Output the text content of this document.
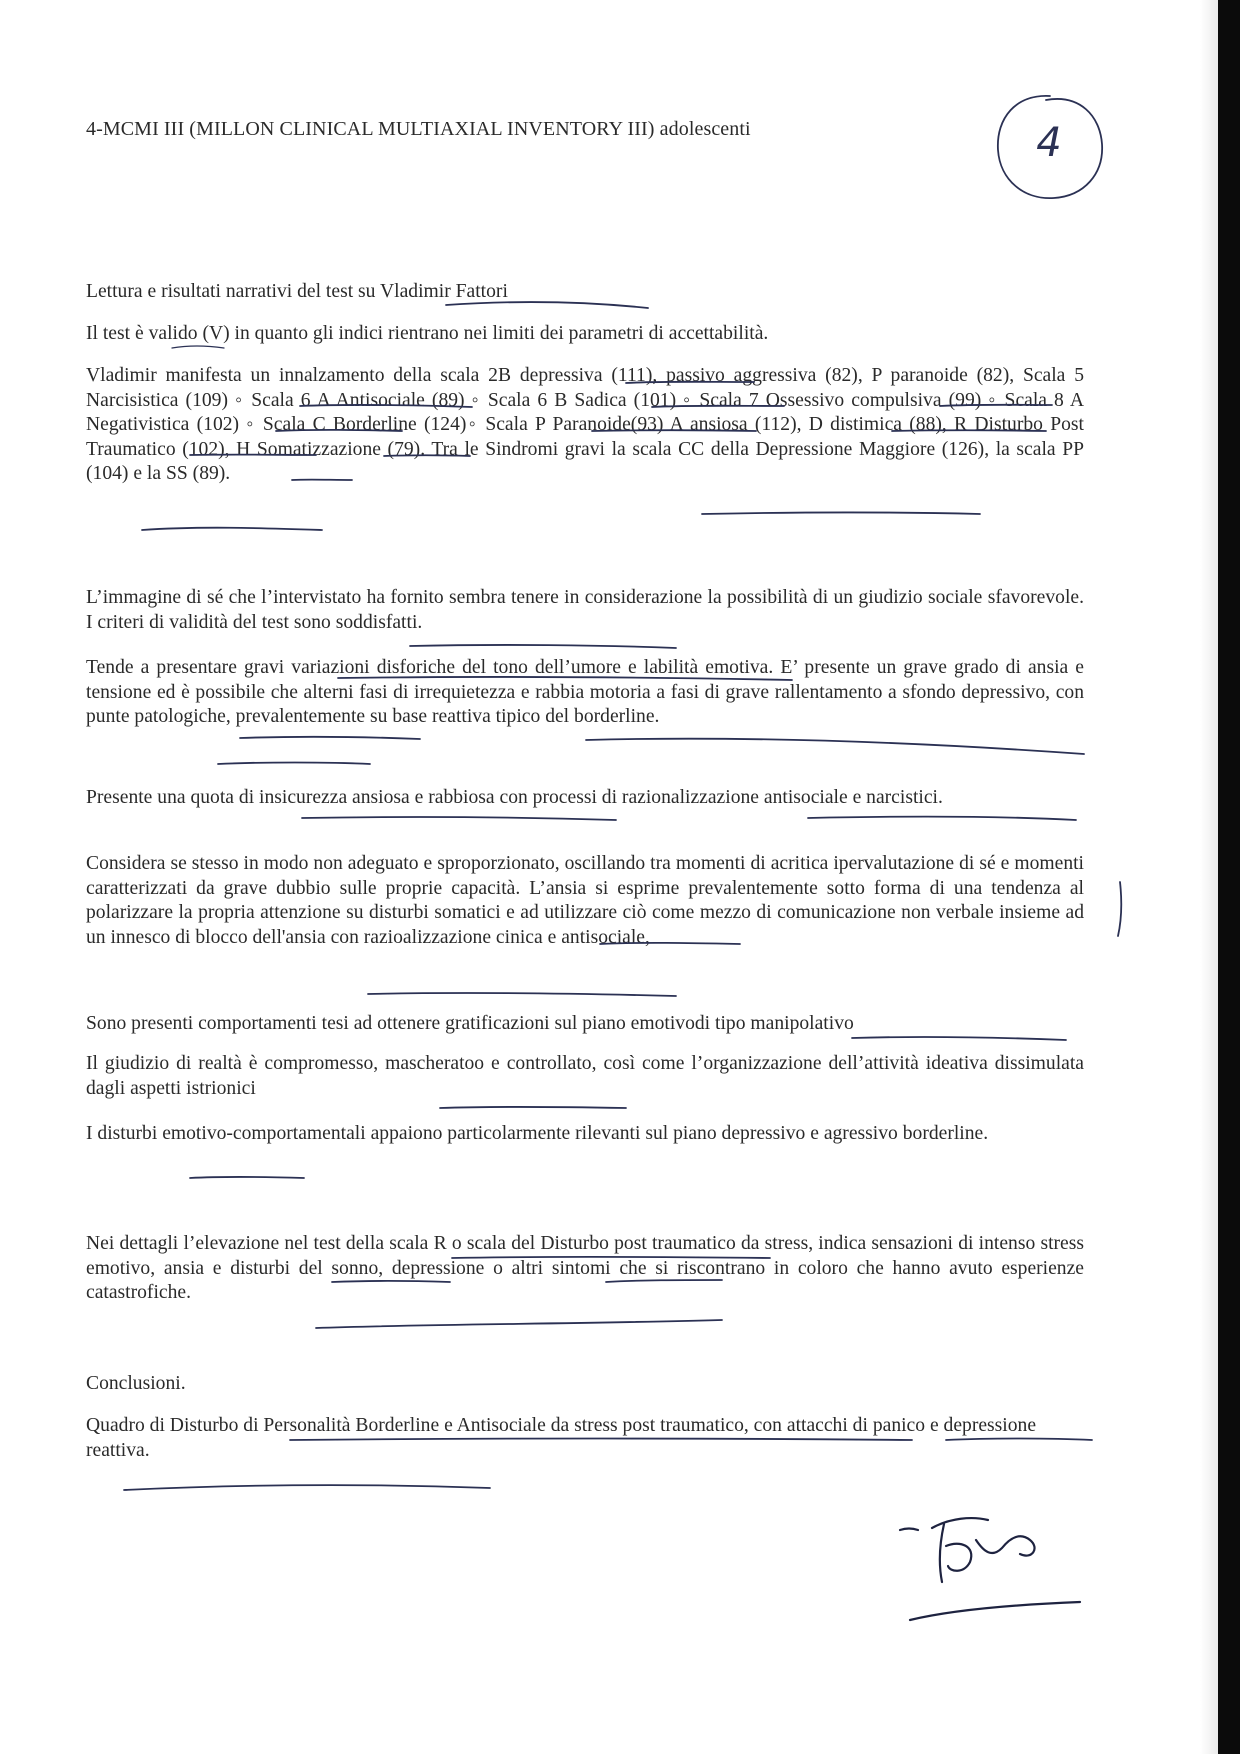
4-MCMI III (MILLON CLINICAL MULTIAXIAL INVENTORY III) adolescenti	4

Lettura e risultati narrativi del test su Vladimir Fattori

Il test è valido (V) in quanto gli indici rientrano nei limiti dei parametri di accettabilità.

Vladimir manifesta un innalzamento della scala 2B depressiva (111), passivo aggressiva (82), P paranoide (82), Scala 5 Narcisistica (109) ◦ Scala 6 A Antisociale (89) ◦ Scala 6 B Sadica (101) ◦ Scala 7 Ossessivo compulsiva (99) ◦ Scala 8 A Negativistica (102) ◦ Scala C Borderline (124)◦ Scala P Paranoide(93) A ansiosa (112), D distimica (88), R Disturbo Post Traumatico (102), H Somatizzazione (79). Tra le Sindromi gravi la scala CC della Depressione Maggiore (126), la scala PP (104) e la SS (89).

L’immagine di sé che l’intervistato ha fornito sembra tenere in considerazione la possibilità di un giudizio sociale sfavorevole. I criteri di validità del test sono soddisfatti.

Tende a presentare gravi variazioni disforiche del tono dell’umore e labilità emotiva. E’ presente un grave grado di ansia e tensione ed è possibile che alterni fasi di irrequietezza e rabbia motoria a fasi di grave rallentamento a sfondo depressivo, con punte patologiche, prevalentemente su base reattiva tipico del borderline.

Presente una quota di insicurezza ansiosa e rabbiosa con processi di razionalizzazione antisociale e narcistici.

Considera se stesso in modo non adeguato e sproporzionato, oscillando tra momenti di acritica ipervalutazione di sé e momenti caratterizzati da grave dubbio sulle proprie capacità. L’ansia si esprime prevalentemente sotto forma di una tendenza al polarizzare la propria attenzione su disturbi somatici e ad utilizzare ciò come mezzo di comunicazione non verbale insieme ad un innesco di blocco dell'ansia con razioalizzazione cinica e antisociale,

Sono presenti comportamenti tesi ad ottenere gratificazioni sul piano emotivodi tipo manipolativo

Il giudizio di realtà è compromesso, mascheratoo e controllato, così come l’organizzazione dell’attività ideativa dissimulata dagli aspetti istrionici

I disturbi emotivo-comportamentali appaiono particolarmente rilevanti sul piano depressivo e agressivo borderline.

Nei dettagli l’elevazione nel test della scala R o scala del Disturbo post traumatico da stress, indica sensazioni di intenso stress emotivo, ansia e disturbi del sonno, depressione o altri sintomi che si riscontrano in coloro che hanno avuto esperienze catastrofiche.

Conclusioni.

Quadro di Disturbo di Personalità Borderline e Antisociale da stress post traumatico, con attacchi di panico e depressione reattiva.
